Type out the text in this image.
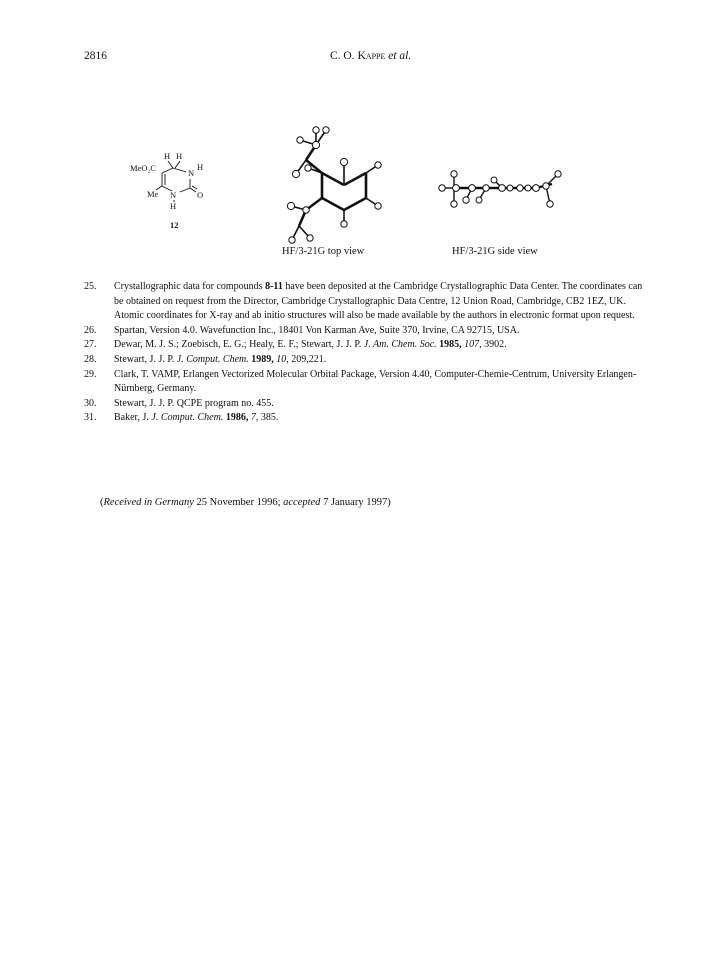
2816	C. O. Kappe et al.
H H
MeO₂C	N
H
Me N O
H
12
HF/3-21G top view	HF/3-21G side view

25.	Crystallographic data for compounds 8-11 have been deposited at the Cambridge Crystallographic Data Center. The coordinates can be obtained on request from the Director, Cambridge Crystallographic Data Centre, 12 Union Road, Cambridge, CB2 1EZ, UK. Atomic coordinates for X-ray and ab initio structures will also be made available by the authors in electronic format upon request.

26.	Spartan, Version 4.0. Wavefunction Inc., 18401 Von Karman Ave, Suite 370, Irvine, CA 92715, USA.

27.	Dewar, M. J. S.; Zoebisch, E. G.; Healy, E. F.; Stewart, J. J. P. J. Am. Chem. Soc. 1985, 107, 3902.

28.	Stewart, J. J. P. J. Comput. Chem. 1989, 10, 209,221.

29.	Clark, T. VAMP, Erlangen Vectorized Molecular Orbital Package, Version 4.40, Computer-Chemie-Centrum, University Erlangen-Nürnberg, Germany.

30.	Stewart, J. J. P. QCPE program no. 455.

31.	Baker, J. J. Comput. Chem. 1986, 7, 385.

(Received in Germany 25 November 1996; accepted 7 January 1997)
